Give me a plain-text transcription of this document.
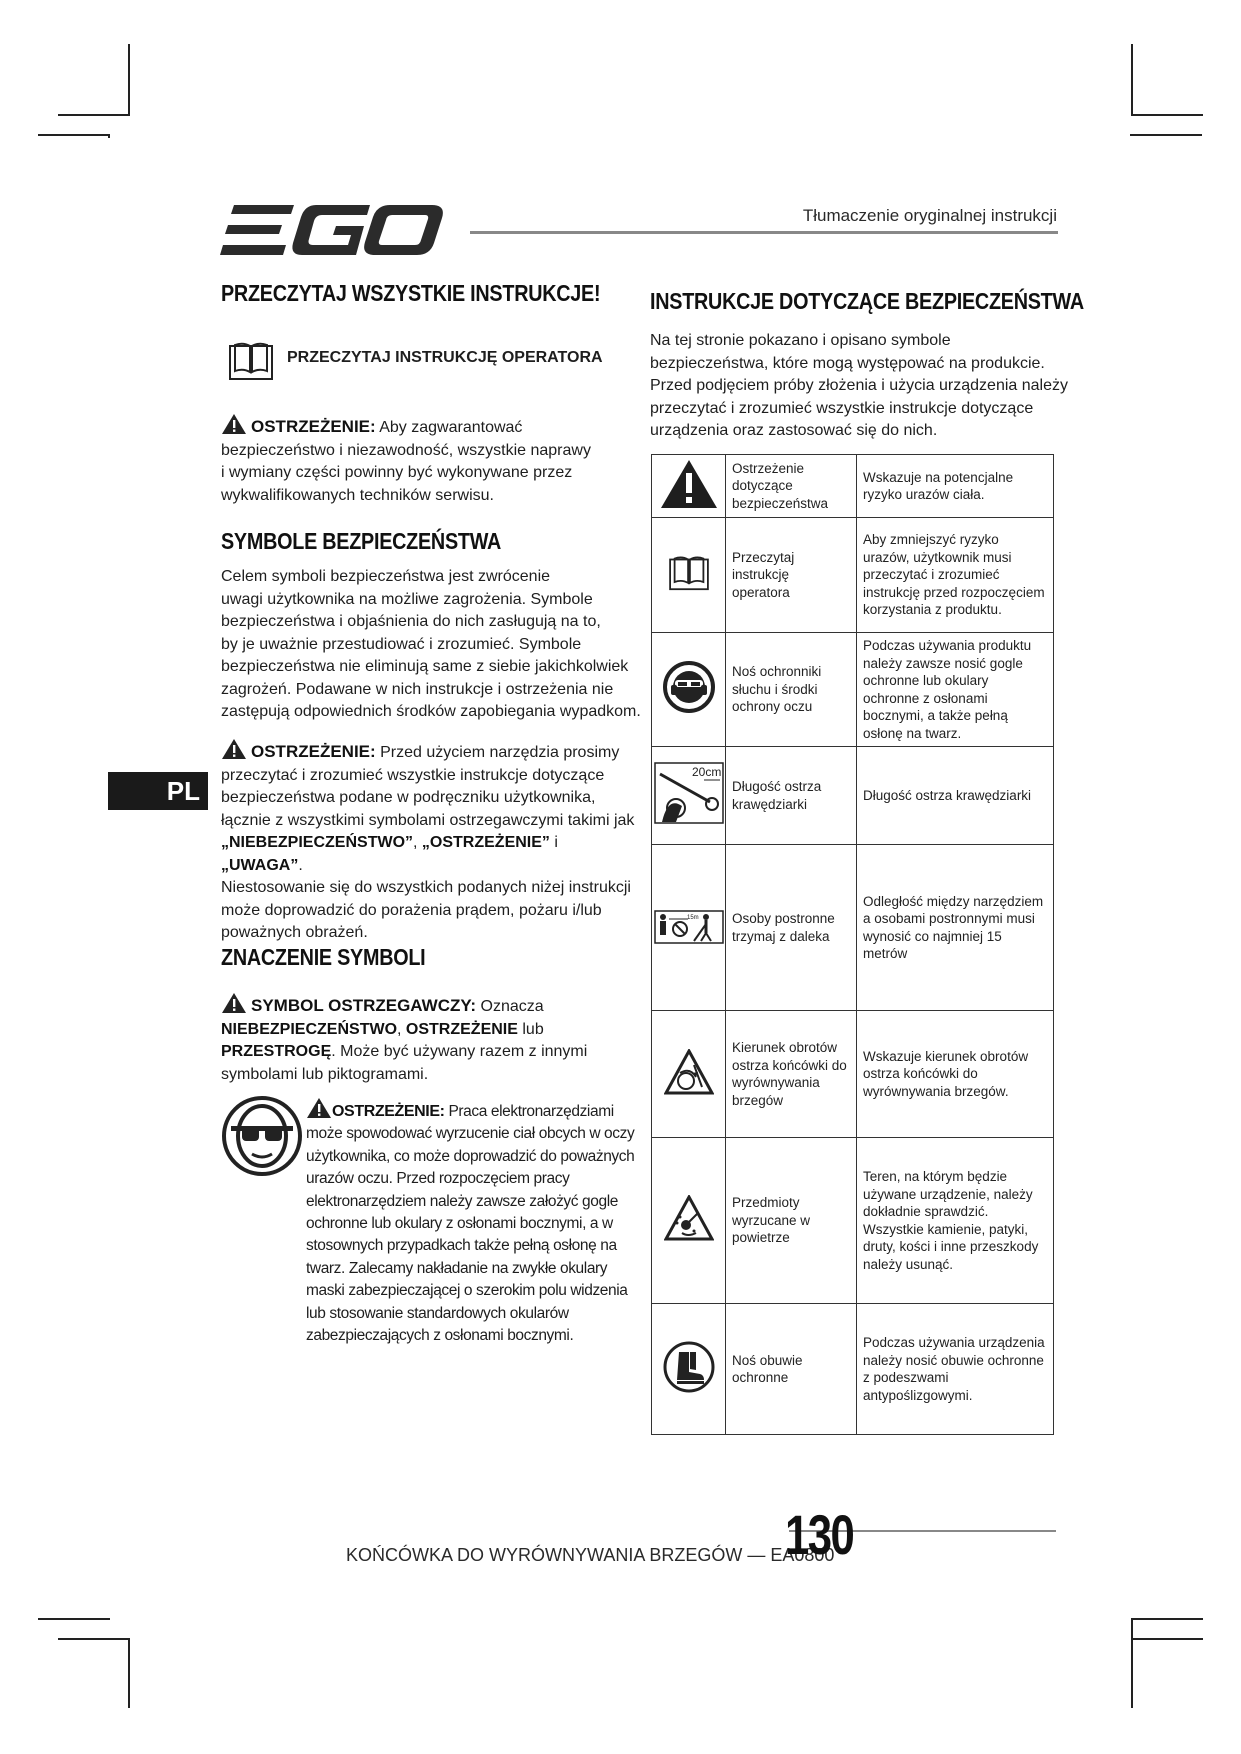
Tłumaczenie oryginalnej instrukcji
PL
PRZECZYTAJ WSZYSTKIE INSTRUKCJE!
PRZECZYTAJ INSTRUKCJĘ OPERATORA
OSTRZEŻENIE: Aby zagwarantować
bezpieczeństwo i niezawodność, wszystkie naprawy
i wymiany części powinny być wykonywane przez
wykwalifikowanych techników serwisu.
SYMBOLE BEZPIECZEŃSTWA
Celem symboli bezpieczeństwa jest zwrócenie
uwagi użytkownika na możliwe zagrożenia. Symbole
bezpieczeństwa i objaśnienia do nich zasługują na to,
by je uważnie przestudiować i zrozumieć. Symbole
bezpieczeństwa nie eliminują same z siebie jakichkolwiek
zagrożeń. Podawane w nich instrukcje i ostrzeżenia nie
zastępują odpowiednich środków zapobiegania wypadkom.
OSTRZEŻENIE: Przed użyciem narzędzia prosimy
przeczytać i zrozumieć wszystkie instrukcje dotyczące
bezpieczeństwa podane w podręczniku użytkownika,
łącznie z wszystkimi symbolami ostrzegawczymi takimi jak
„NIEBEZPIECZEŃSTWO”, „OSTRZEŻENIE” i „UWAGA”.
Niestosowanie się do wszystkich podanych niżej instrukcji
może doprowadzić do porażenia prądem, pożaru i/lub
poważnych obrażeń.
ZNACZENIE SYMBOLI
SYMBOL OSTRZEGAWCZY: Oznacza
NIEBEZPIECZEŃSTWO, OSTRZEŻENIE lub
PRZESTROGĘ. Może być używany razem z innymi
symbolami lub piktogramami.
OSTRZEŻENIE: Praca elektronarzędziami
może spowodować wyrzucenie ciał obcych w oczy
użytkownika, co może doprowadzić do poważnych
urazów oczu. Przed rozpoczęciem pracy
elektronarzędziem należy zawsze założyć gogle
ochronne lub okulary z osłonami bocznymi, a w
stosownych przypadkach także pełną osłonę na
twarz. Zalecamy nakładanie na zwykłe okulary
maski zabezpieczającej o szerokim polu widzenia
lub stosowanie standardowych okularów
zabezpieczających z osłonami bocznymi.
INSTRUKCJE DOTYCZĄCE BEZPIECZEŃSTWA
Na tej stronie pokazano i opisano symbole
bezpieczeństwa, które mogą występować na produkcie.
Przed podjęciem próby złożenia i użycia urządzenia należy
przeczytać i zrozumieć wszystkie instrukcje dotyczące
urządzenia oraz zastosować się do nich.
	Ostrzeżenie dotyczące bezpieczeństwa	Wskazuje na potencjalne ryzyko urazów ciała.
	Przeczytaj instrukcję operatora	Aby zmniejszyć ryzyko urazów, użytkownik musi przeczytać i zrozumieć instrukcję przed rozpoczęciem korzystania z produktu.
	Noś ochronniki słuchu i środki ochrony oczu	Podczas używania produktu należy zawsze nosić gogle ochronne lub okulary ochronne z osłonami bocznymi, a także pełną osłonę na twarz.

20cm	Długość ostrza krawędziarki	Długość ostrza krawędziarki

15m	Osoby postronne trzymaj z daleka	Odległość między narzędziem a osobami postronnymi musi wynosić co najmniej 15 metrów
	Kierunek obrotów ostrza końcówki do wyrównywania brzegów	Wskazuje kierunek obrotów ostrza końcówki do wyrównywania brzegów.
	Przedmioty wyrzucane w powietrze	Teren, na którym będzie używane urządzenie, należy dokładnie sprawdzić. Wszystkie kamienie, patyki, druty, kości i inne przeszkody należy usunąć.
	Noś obuwie ochronne	Podczas używania urządzenia należy nosić obuwie ochronne z podeszwami antypoślizgowymi.
KOŃCÓWKA DO WYRÓWNYWANIA BRZEGÓW — EA0800
130
